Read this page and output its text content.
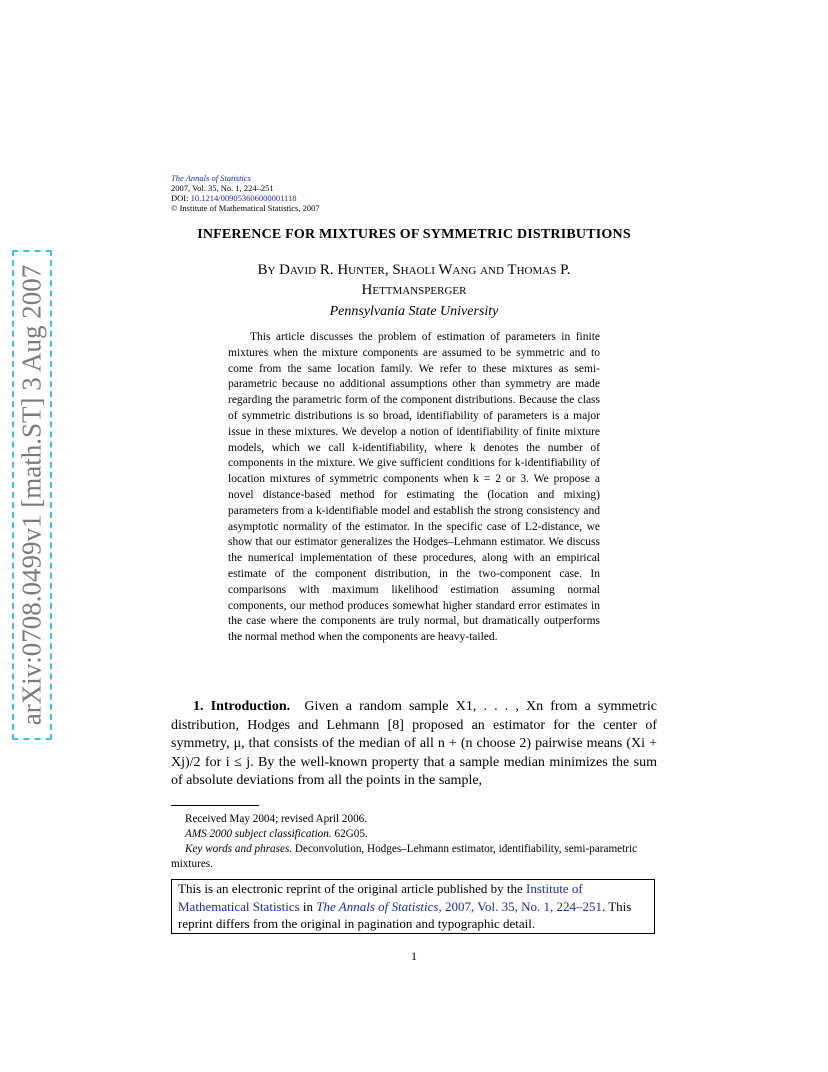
arXiv:0708.0499v1 [math.ST] 3 Aug 2007
The Annals of Statistics
2007, Vol. 35, No. 1, 224–251
DOI: 10.1214/009053606000001118
© Institute of Mathematical Statistics, 2007
INFERENCE FOR MIXTURES OF SYMMETRIC DISTRIBUTIONS
By David R. Hunter, Shaoli Wang and Thomas P. Hettmansperger
Pennsylvania State University
This article discusses the problem of estimation of parameters in finite mixtures when the mixture components are assumed to be symmetric and to come from the same location family. We refer to these mixtures as semi-parametric because no additional assumptions other than symmetry are made regarding the parametric form of the component distributions. Because the class of symmetric distributions is so broad, identifiability of parameters is a major issue in these mixtures. We develop a notion of identifiability of finite mixture models, which we call k-identifiability, where k denotes the number of components in the mixture. We give sufficient conditions for k-identifiability of location mixtures of symmetric components when k = 2 or 3. We propose a novel distance-based method for estimating the (location and mixing) parameters from a k-identifiable model and establish the strong consistency and asymptotic normality of the estimator. In the specific case of L2-distance, we show that our estimator generalizes the Hodges–Lehmann estimator. We discuss the numerical implementation of these procedures, along with an empirical estimate of the component distribution, in the two-component case. In comparisons with maximum likelihood estimation assuming normal components, our method produces somewhat higher standard error estimates in the case where the components are truly normal, but dramatically outperforms the normal method when the components are heavy-tailed.
1. Introduction. Given a random sample X1, . . . , Xn from a symmetric distribution, Hodges and Lehmann [8] proposed an estimator for the center of symmetry, μ, that consists of the median of all n + (n choose 2) pairwise means (Xi + Xj)/2 for i ≤ j. By the well-known property that a sample median minimizes the sum of absolute deviations from all the points in the sample,
Received May 2004; revised April 2006.
AMS 2000 subject classification. 62G05.
Key words and phrases. Deconvolution, Hodges–Lehmann estimator, identifiability, semi-parametric mixtures.
This is an electronic reprint of the original article published by the Institute of Mathematical Statistics in The Annals of Statistics, 2007, Vol. 35, No. 1, 224–251. This reprint differs from the original in pagination and typographic detail.
1
